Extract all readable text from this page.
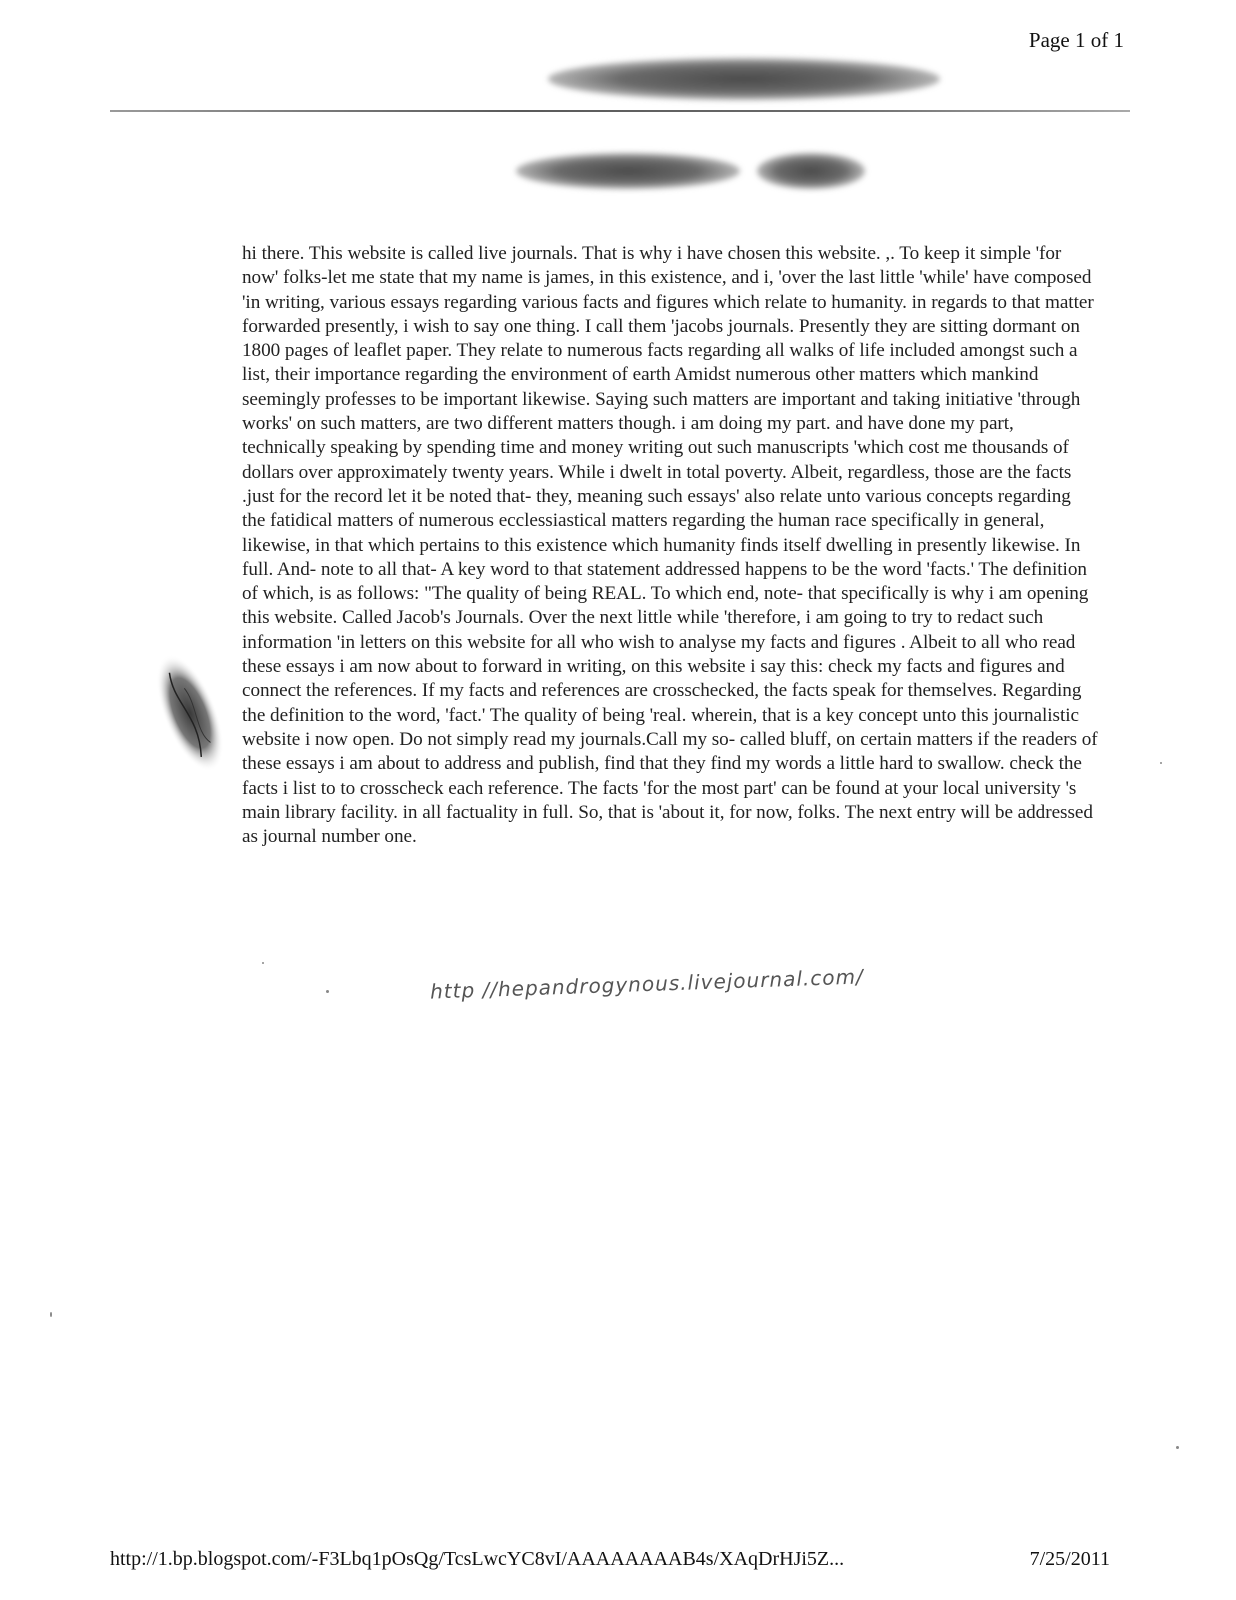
Page 1 of 1
hi there. This website is called live journals. That is why i have chosen this website. ,. To keep it simple 'for now' folks-let me state that my name is james, in this existence, and i, 'over the last little 'while' have composed 'in writing, various essays regarding various facts and figures which relate to humanity. in regards to that matter forwarded presently, i wish to say one thing. I call them 'jacobs journals. Presently they are sitting dormant on 1800 pages of leaflet paper. They relate to numerous facts regarding all walks of life included amongst such a list, their importance regarding the environment of earth Amidst numerous other matters which mankind seemingly professes to be important likewise. Saying such matters are important and taking initiative 'through works' on such matters, are two different matters though. i am doing my part. and have done my part, technically speaking by spending time and money writing out such manuscripts 'which cost me thousands of dollars over approximately twenty years. While i dwelt in total poverty. Albeit, regardless, those are the facts .just for the record let it be noted that- they, meaning such essays' also relate unto various concepts regarding the fatidical matters of numerous ecclessiastical matters regarding the human race specifically in general, likewise, in that which pertains to this existence which humanity finds itself dwelling in presently likewise. In full. And- note to all that- A key word to that statement addressed happens to be the word 'facts.' The definition of which, is as follows: "The quality of being REAL. To which end, note- that specifically is why i am opening this website. Called Jacob's Journals. Over the next little while 'therefore, i am going to try to redact such information 'in letters on this website for all who wish to analyse my facts and figures . Albeit to all who read these essays i am now about to forward in writing, on this website i say this: check my facts and figures and connect the references. If my facts and references are crosschecked, the facts speak for themselves. Regarding the definition to the word, 'fact.' The quality of being 'real. wherein, that is a key concept unto this journalistic website i now open. Do not simply read my journals.Call my so- called bluff, on certain matters if the readers of these essays i am about to address and publish, find that they find my words a little hard to swallow. check the facts i list to to crosscheck each reference. The facts 'for the most part' can be found at your local university 's main library facility. in all factuality in full. So, that is 'about it, for now, folks. The next entry will be addressed as journal number one.
http //hepandrogynous.livejournal.com/
http://1.bp.blogspot.com/-F3Lbq1pOsQg/TcsLwcYC8vI/AAAAAAAAB4s/XAqDrHJi5Z...	7/25/2011
